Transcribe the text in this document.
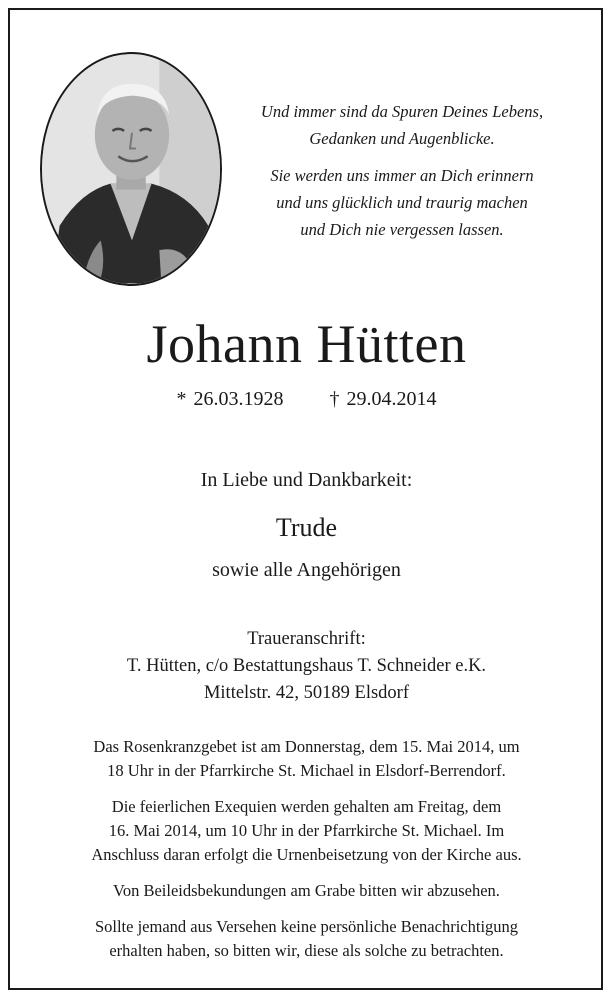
Und immer sind da Spuren Deines Lebens,
Gedanken und Augenblicke.

Sie werden uns immer an Dich erinnern
und uns glücklich und traurig machen
und Dich nie vergessen lassen.

Johann Hütten
* 26.03.1928 † 29.04.2014
In Liebe und Dankbarkeit:
Trude
sowie alle Angehörigen
Traueranschrift:
T. Hütten, c/o Bestattungshaus T. Schneider e.K.
Mittelstr. 42, 50189 Elsdorf

Das Rosenkranzgebet ist am Donnerstag, dem 15. Mai 2014, um
18 Uhr in der Pfarrkirche St. Michael in Elsdorf-Berrendorf.

Die feierlichen Exequien werden gehalten am Freitag, dem
16. Mai 2014, um 10 Uhr in der Pfarrkirche St. Michael. Im
Anschluss daran erfolgt die Urnenbeisetzung von der Kirche aus.

Von Beileidsbekundungen am Grabe bitten wir abzusehen.

Sollte jemand aus Versehen keine persönliche Benachrichtigung
erhalten haben, so bitten wir, diese als solche zu betrachten.
